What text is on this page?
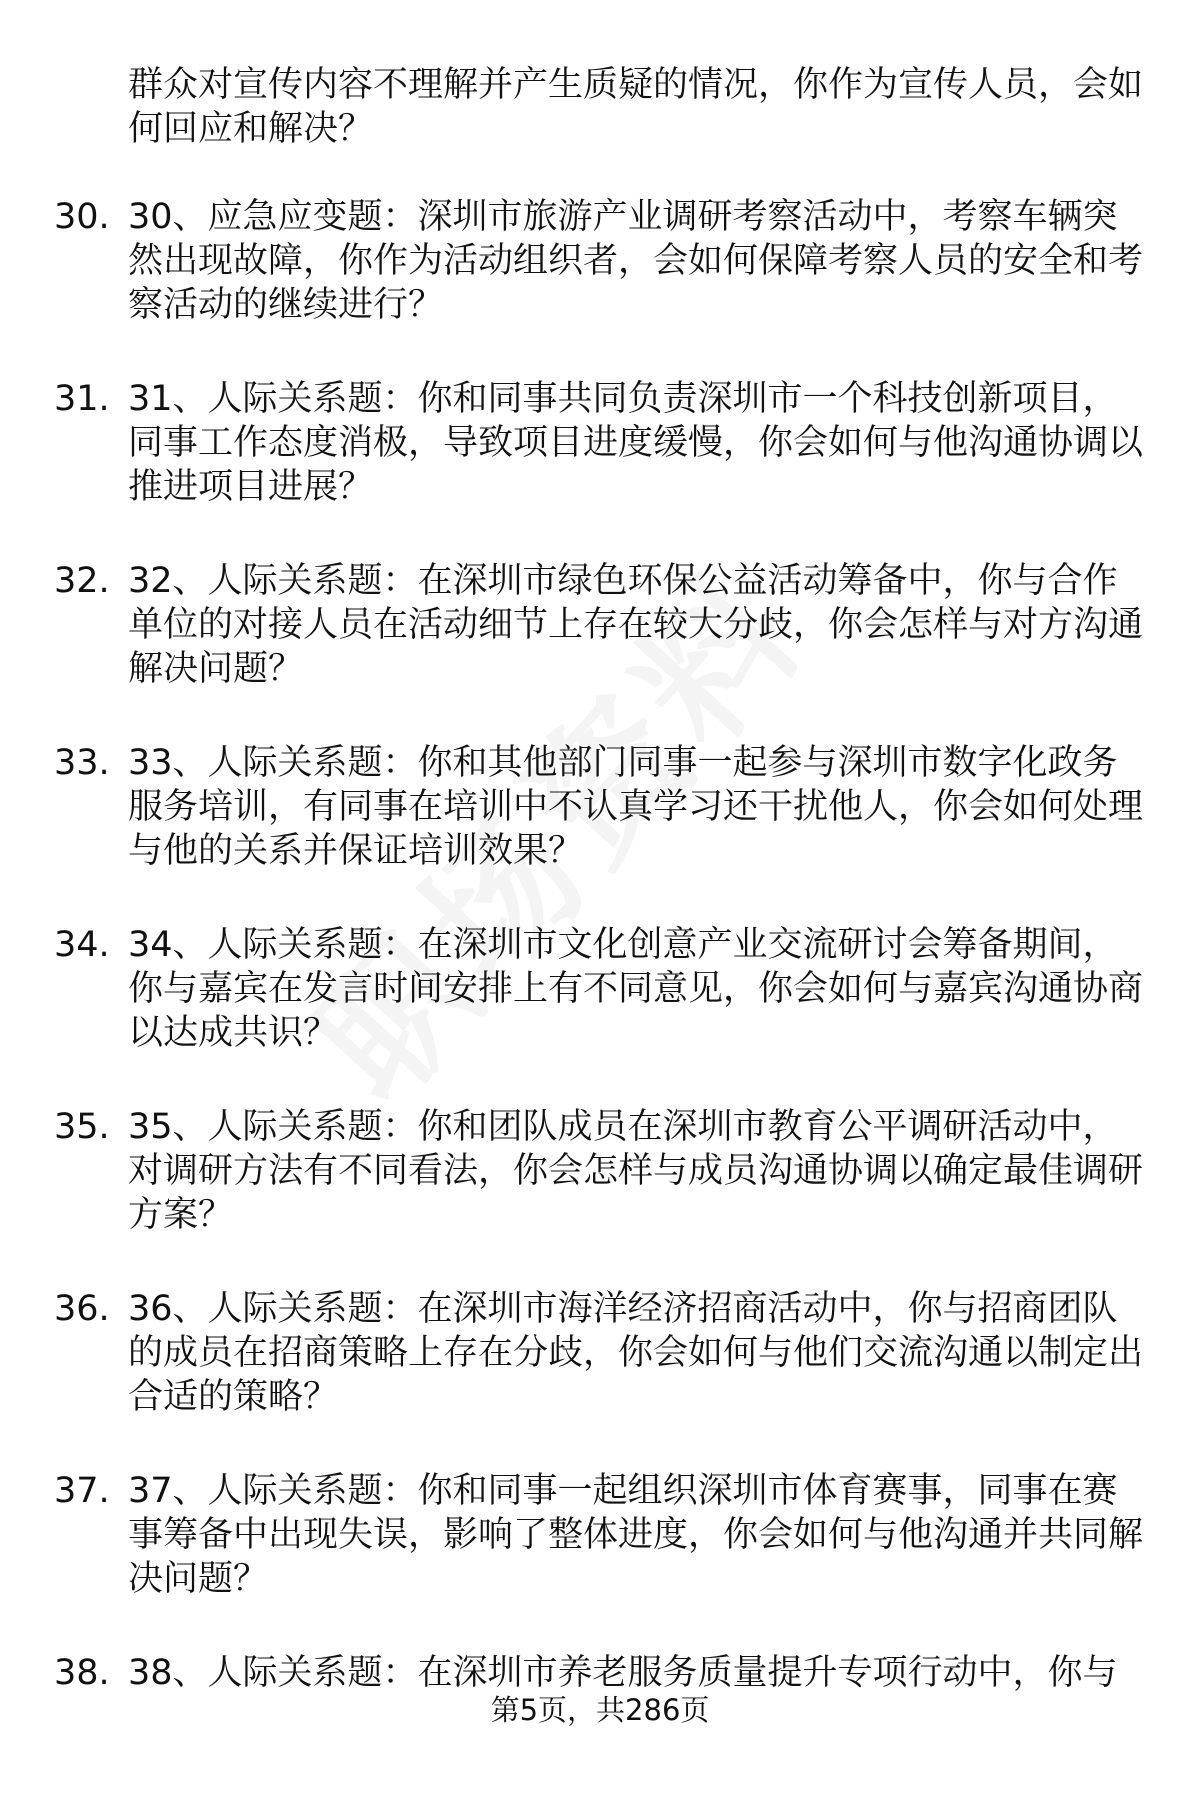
群众对宣传内容不理解并产生质疑的情况，你作为宣传人员，会如何回应和解决？
30. 30、应急应变题：深圳市旅游产业调研考察活动中，考察车辆突然出现故障，你作为活动组织者，会如何保障考察人员的安全和考察活动的继续进行？
31. 31、人际关系题：你和同事共同负责深圳市一个科技创新项目，同事工作态度消极，导致项目进度缓慢，你会如何与他沟通协调以推进项目进展？
32. 32、人际关系题：在深圳市绿色环保公益活动筹备中，你与合作单位的对接人员在活动细节上存在较大分歧，你会怎样与对方沟通解决问题？
33. 33、人际关系题：你和其他部门同事一起参与深圳市数字化政务服务培训，有同事在培训中不认真学习还干扰他人，你会如何处理与他的关系并保证培训效果？
34. 34、人际关系题：在深圳市文化创意产业交流研讨会筹备期间，你与嘉宾在发言时间安排上有不同意见，你会如何与嘉宾沟通协商以达成共识？
35. 35、人际关系题：你和团队成员在深圳市教育公平调研活动中，对调研方法有不同看法，你会怎样与成员沟通协调以确定最佳调研方案？
36. 36、人际关系题：在深圳市海洋经济招商活动中，你与招商团队的成员在招商策略上存在分歧，你会如何与他们交流沟通以制定出合适的策略？
37. 37、人际关系题：你和同事一起组织深圳市体育赛事，同事在赛事筹备中出现失误，影响了整体进度，你会如何与他沟通并共同解决问题？
38. 38、人际关系题：在深圳市养老服务质量提升专项行动中，你与
第5页，共286页
